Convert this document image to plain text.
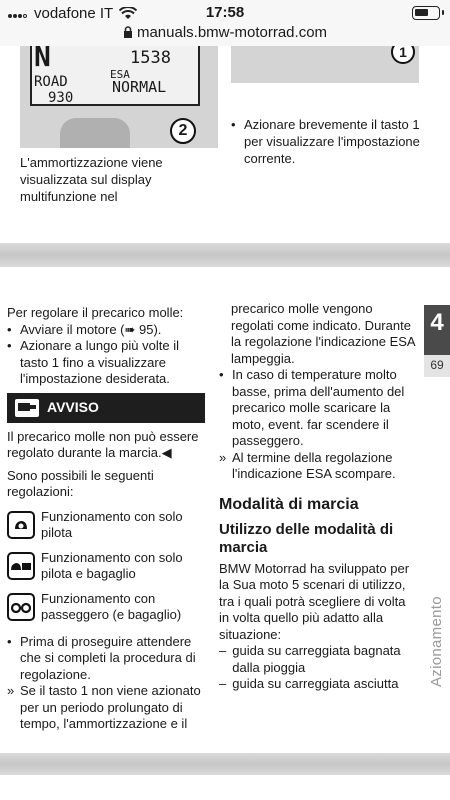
vodafone IT	17:58
manuals.bmw-motorrad.com
N
ROAD
930
1538
ESA
NORMAL
2
1
L'ammortizzazione viene visualizzata sul display multifunzione nel
• Azionare brevemente il tasto 1 per visualizzare l'impostazione corrente.
Per regolare il precarico molle:
• Avviare il motore (➠ 95).
• Azionare a lungo più volte il tasto 1 fino a visualizzare l'impostazione desiderata.
AVVISO
Il precarico molle non può essere regolato durante la marcia.◀
Sono possibili le seguenti regolazioni:
Funzionamento con solo pilota
Funzionamento con solo pilota e bagaglio
Funzionamento con passeggero (e bagaglio)
• Prima di proseguire attendere che si completi la procedura di regolazione.
» Se il tasto 1 non viene azionato per un periodo prolungato di tempo, l'ammortizzazione e il
precarico molle vengono regolati come indicato. Durante la regolazione l'indicazione ESA lampeggia.
• In caso di temperature molto basse, prima dell'aumento del precarico molle scaricare la moto, event. far scendere il passeggero.
» Al termine della regolazione l'indicazione ESA scompare.
Modalità di marcia
Utilizzo delle modalità di marcia
BMW Motorrad ha sviluppato per la Sua moto 5 scenari di utilizzo, tra i quali potrà scegliere di volta in volta quello più adatto alla situazione:
– guida su carreggiata bagnata dalla pioggia
– guida su carreggiata asciutta
4
69
Azionamento
